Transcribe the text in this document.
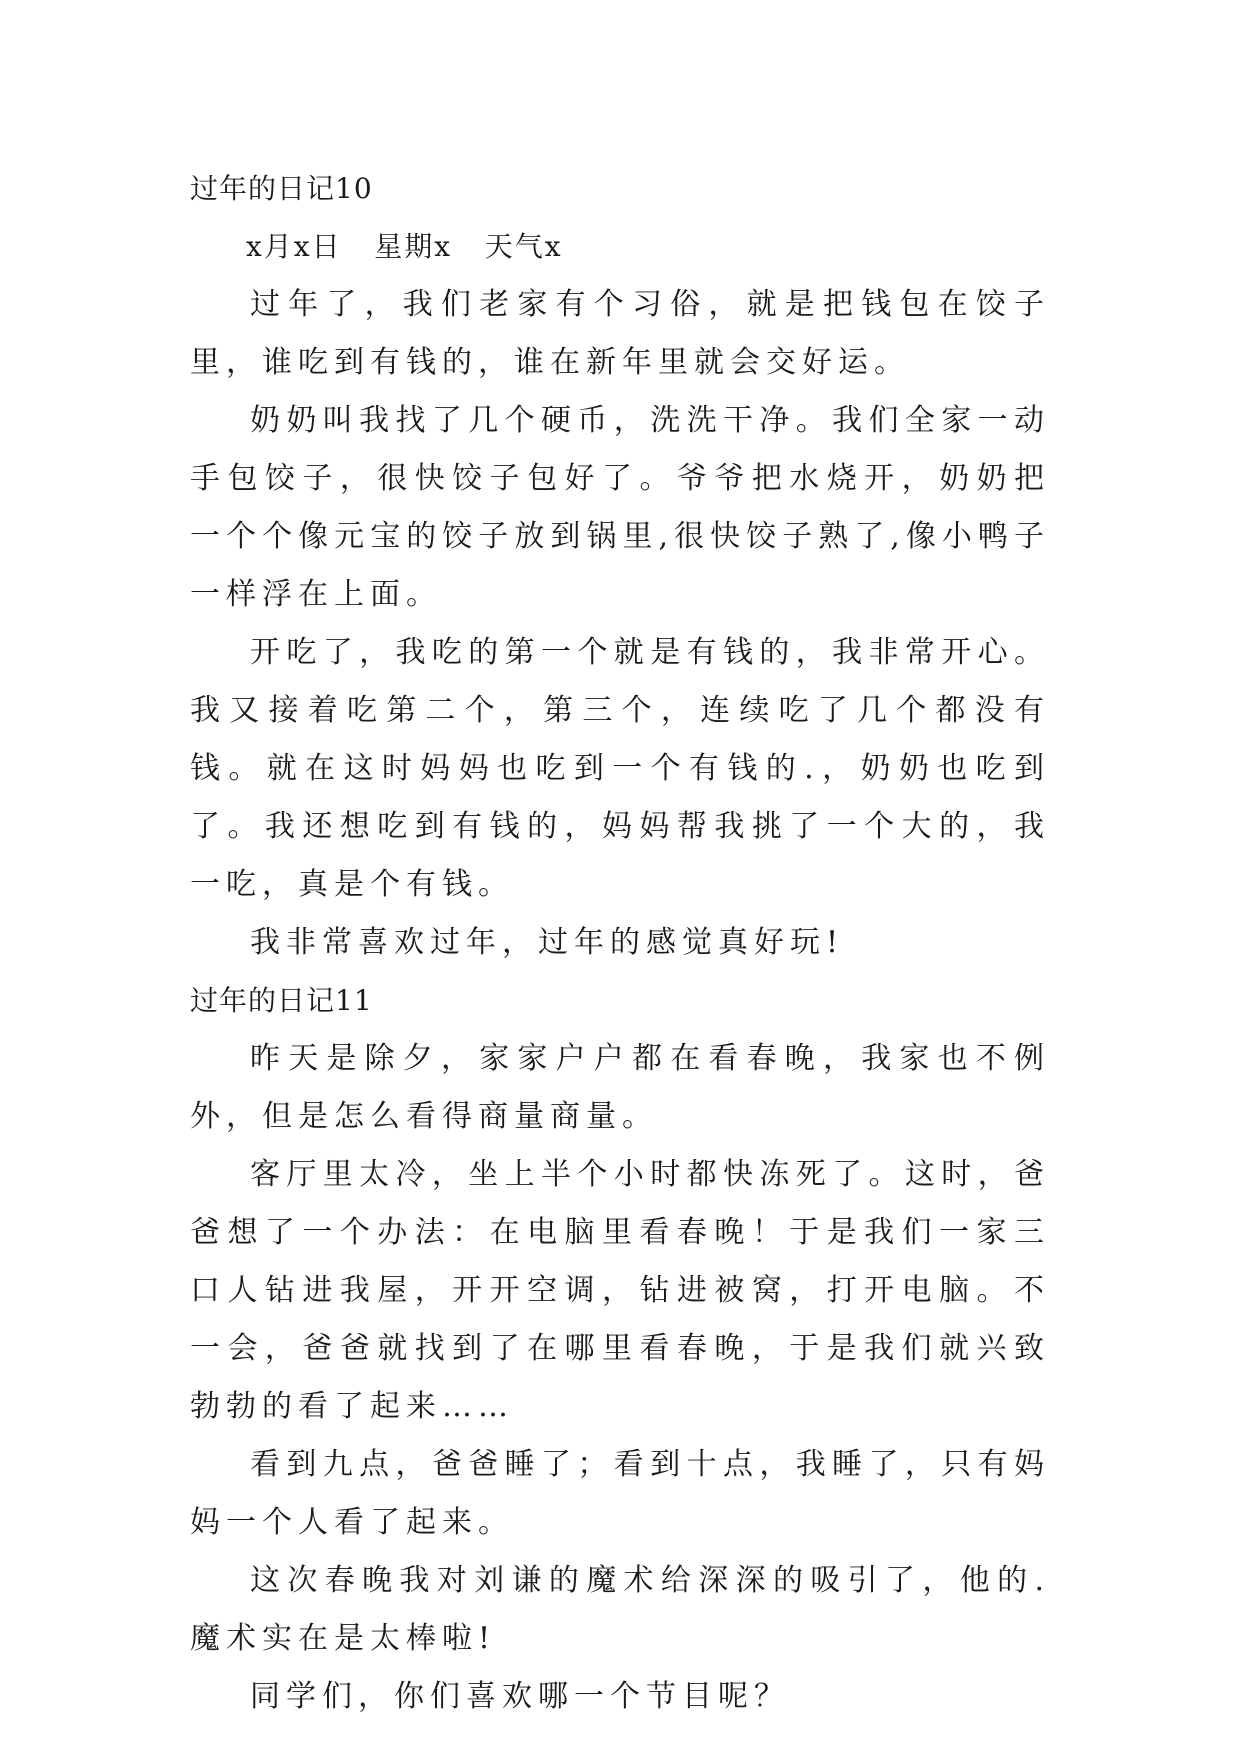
过年的日记10

x月x日   星期x   天气x

过年了，我们老家有个习俗，就是把钱包在饺子里，谁吃到有钱的，谁在新年里就会交好运。

奶奶叫我找了几个硬币，洗洗干净。我们全家一动手包饺子，很快饺子包好了。爷爷把水烧开，奶奶把一个个像元宝的饺子放到锅里,很快饺子熟了,像小鸭子一样浮在上面。

开吃了，我吃的第一个就是有钱的，我非常开心。我又接着吃第二个，第三个，连续吃了几个都没有钱。就在这时妈妈也吃到一个有钱的.，奶奶也吃到了。我还想吃到有钱的，妈妈帮我挑了一个大的，我一吃，真是个有钱。

我非常喜欢过年，过年的感觉真好玩!

过年的日记11

昨天是除夕，家家户户都在看春晚，我家也不例外，但是怎么看得商量商量。

客厅里太冷，坐上半个小时都快冻死了。这时，爸爸想了一个办法：在电脑里看春晚！于是我们一家三口人钻进我屋，开开空调，钻进被窝，打开电脑。不一会，爸爸就找到了在哪里看春晚，于是我们就兴致勃勃的看了起来……

看到九点，爸爸睡了；看到十点，我睡了，只有妈妈一个人看了起来。

这次春晚我对刘谦的魔术给深深的吸引了，他的.魔术实在是太棒啦!

同学们，你们喜欢哪一个节目呢？
